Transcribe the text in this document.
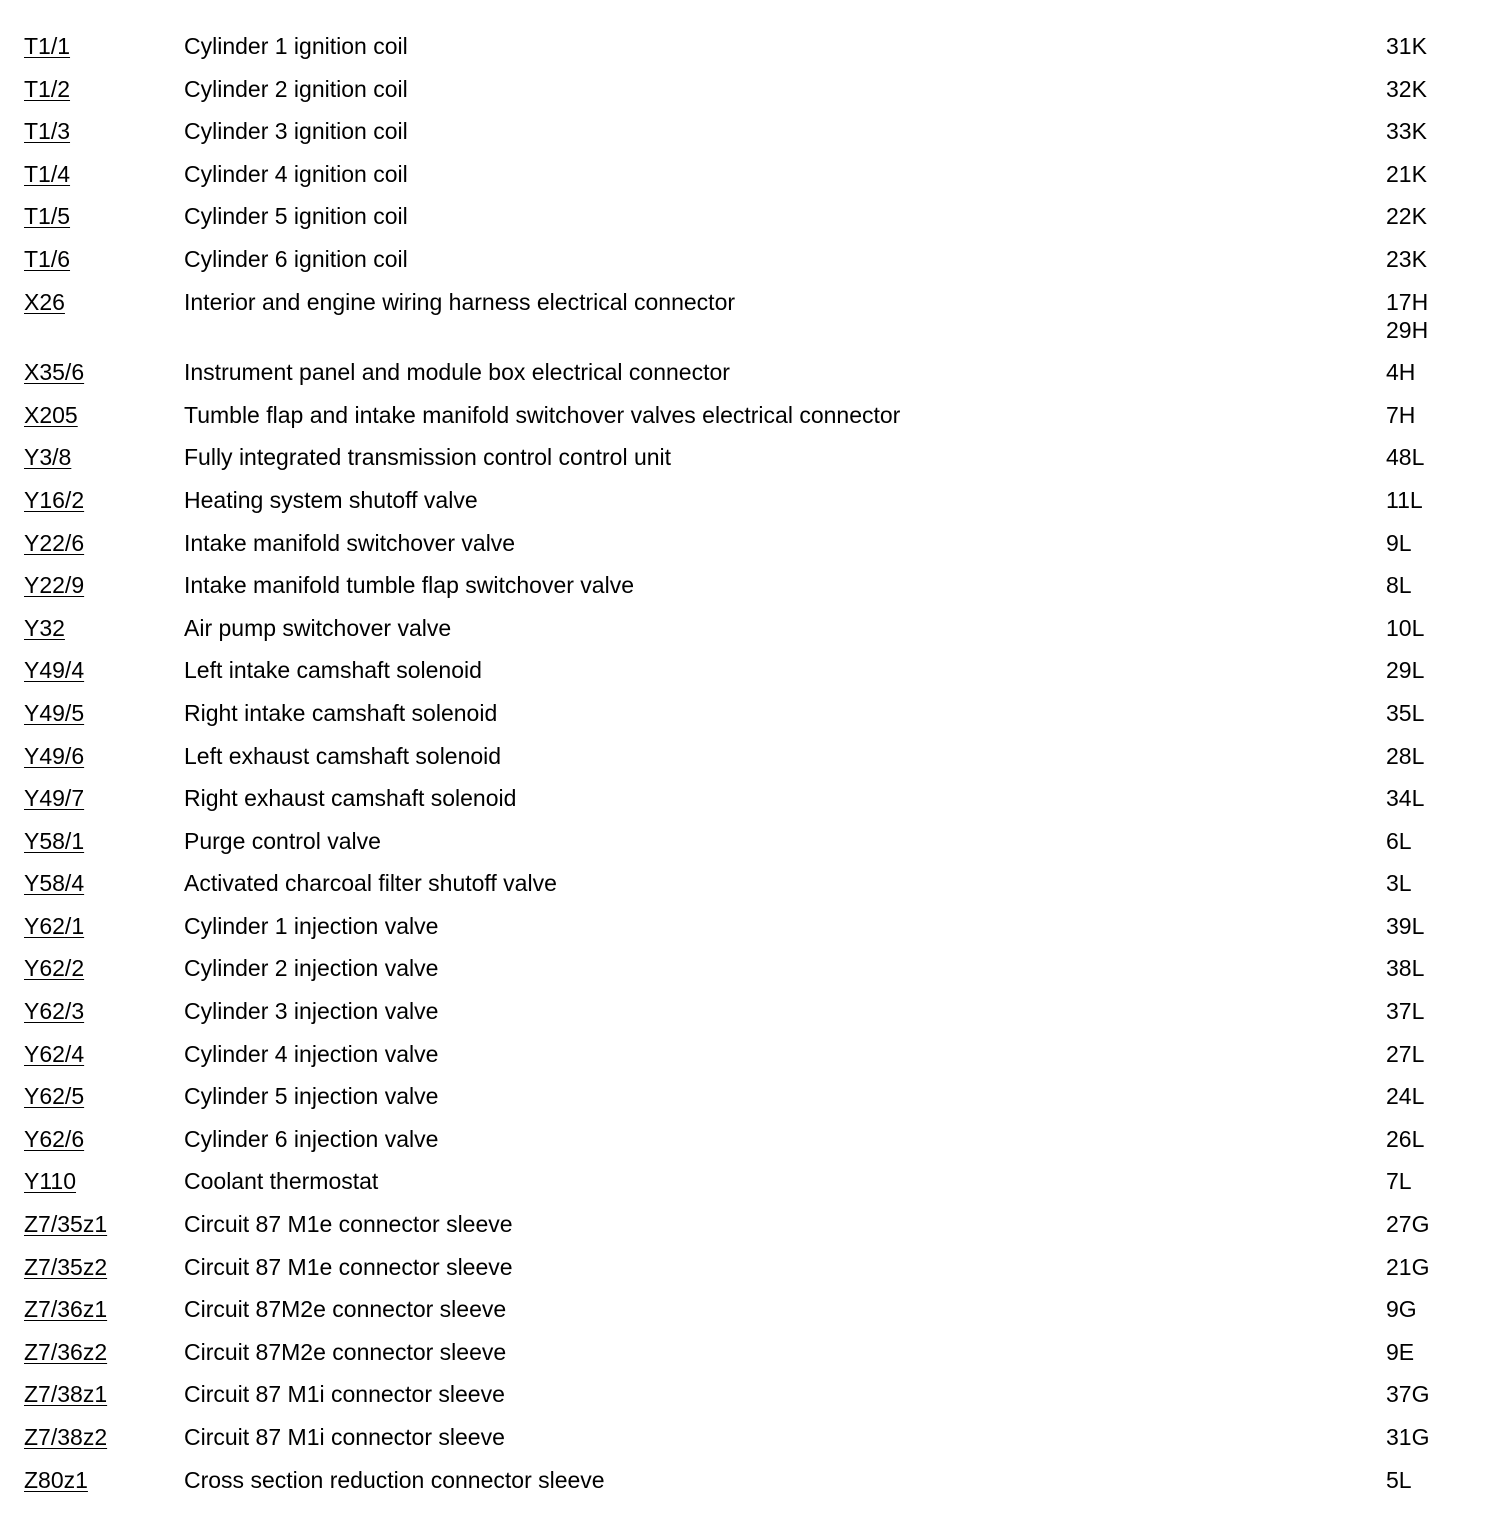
T1/1	Cylinder 1 ignition coil	31K
T1/2	Cylinder 2 ignition coil	32K
T1/3	Cylinder 3 ignition coil	33K
T1/4	Cylinder 4 ignition coil	21K
T1/5	Cylinder 5 ignition coil	22K
T1/6	Cylinder 6 ignition coil	23K
X26	Interior and engine wiring harness electrical connector	17H
29H
X35/6	Instrument panel and module box electrical connector	4H
X205	Tumble flap and intake manifold switchover valves electrical connector	7H
Y3/8	Fully integrated transmission control control unit	48L
Y16/2	Heating system shutoff valve	11L
Y22/6	Intake manifold switchover valve	9L
Y22/9	Intake manifold tumble flap switchover valve	8L
Y32	Air pump switchover valve	10L
Y49/4	Left intake camshaft solenoid	29L
Y49/5	Right intake camshaft solenoid	35L
Y49/6	Left exhaust camshaft solenoid	28L
Y49/7	Right exhaust camshaft solenoid	34L
Y58/1	Purge control valve	6L
Y58/4	Activated charcoal filter shutoff valve	3L
Y62/1	Cylinder 1 injection valve	39L
Y62/2	Cylinder 2 injection valve	38L
Y62/3	Cylinder 3 injection valve	37L
Y62/4	Cylinder 4 injection valve	27L
Y62/5	Cylinder 5 injection valve	24L
Y62/6	Cylinder 6 injection valve	26L
Y110	Coolant thermostat	7L
Z7/35z1	Circuit 87 M1e connector sleeve	27G
Z7/35z2	Circuit 87 M1e connector sleeve	21G
Z7/36z1	Circuit 87M2e connector sleeve	9G
Z7/36z2	Circuit 87M2e connector sleeve	9E
Z7/38z1	Circuit 87 M1i connector sleeve	37G
Z7/38z2	Circuit 87 M1i connector sleeve	31G
Z80z1	Cross section reduction connector sleeve	5L
